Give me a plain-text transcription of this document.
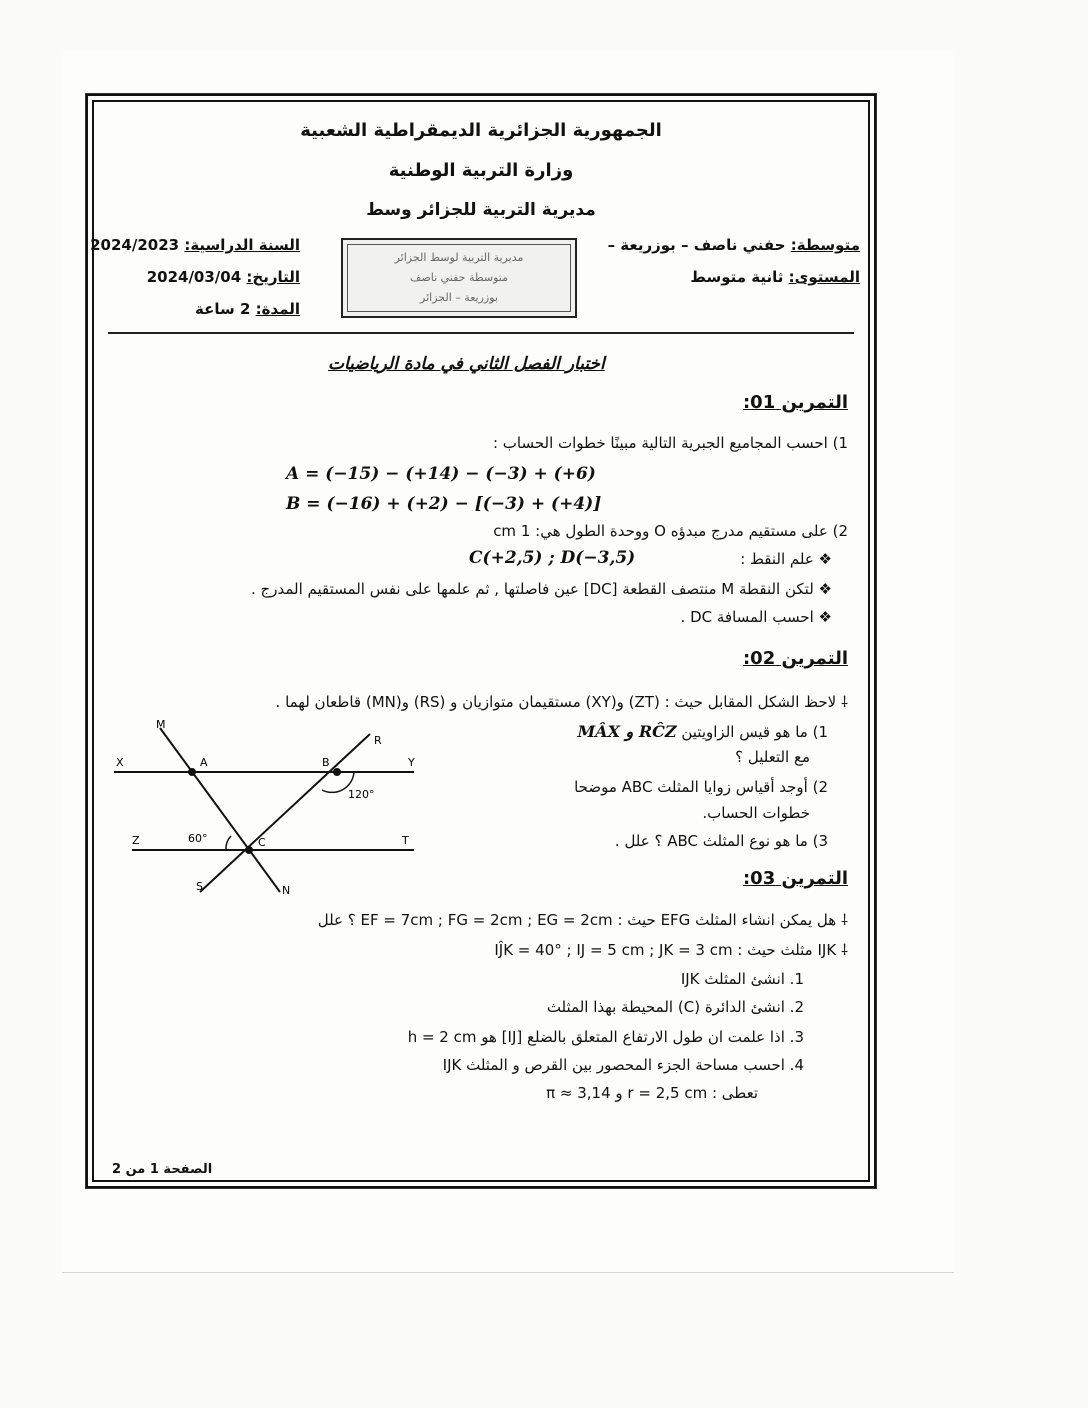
الجمهورية الجزائرية الديمقراطية الشعبية
وزارة التربية الوطنية
مديرية التربية للجزائر وسط
متوسطة: حفني ناصف – بوزريعة –
المستوى: ثانية متوسط
مديرية التربية لوسط الجزائر
متوسطة حفني ناصف
بوزريعة – الجزائر
السنة الدراسية: 2024/2023
التاريخ: 2024/03/04
المدة: 2 ساعة
اختبار الفصل الثاني في مادة الرياضيات
التمرين 01:
1) احسب المجاميع الجبرية التالية مبينًا خطوات الحساب :
A = (−15) − (+14) − (−3) + (+6)
B = (−16) + (+2) − [(−3) + (+4)]
2) على مستقيم مدرج مبدؤه O ووحدة الطول هي: 1 cm
❖ علم النقط :
C(+2,5) ; D(−3,5)
❖ لتكن النقطة M منتصف القطعة [DC] عين فاصلتها , ثم علمها على نفس المستقيم المدرج .
❖ احسب المسافة DC .
التمرين 02:
⸸ لاحظ الشكل المقابل حيث : (ZT) و(XY) مستقيمان متوازيان و (RS) و(MN) قاطعان لهما .
1) ما هو قيس الزاويتين RĈZ و MÂX
مع التعليل ؟
2) أوجد أقياس زوايا المثلث ABC موضحا
خطوات الحساب.
3) ما هو نوع المثلث ABC ؟ علل .
M
R
X	A	B	Y
120°
Z	60°	C	T
S	N
التمرين 03:
⸸ هل يمكن انشاء المثلث EFG حيث : EF = 7cm ; FG = 2cm ; EG = 2cm ؟ علل
⸸ IJK مثلث حيث : IĴK = 40° ; IJ = 5 cm ; JK = 3 cm
1. انشئ المثلث IJK
2. انشئ الدائرة (C) المحيطة بهذا المثلث
3. اذا علمت ان طول الارتفاع المتعلق بالضلع [IJ] هو h = 2 cm
4. احسب مساحة الجزء المحصور بين القرص و المثلث IJK
تعطى : r = 2,5 cm و π ≈ 3,14
الصفحة 1 من 2
